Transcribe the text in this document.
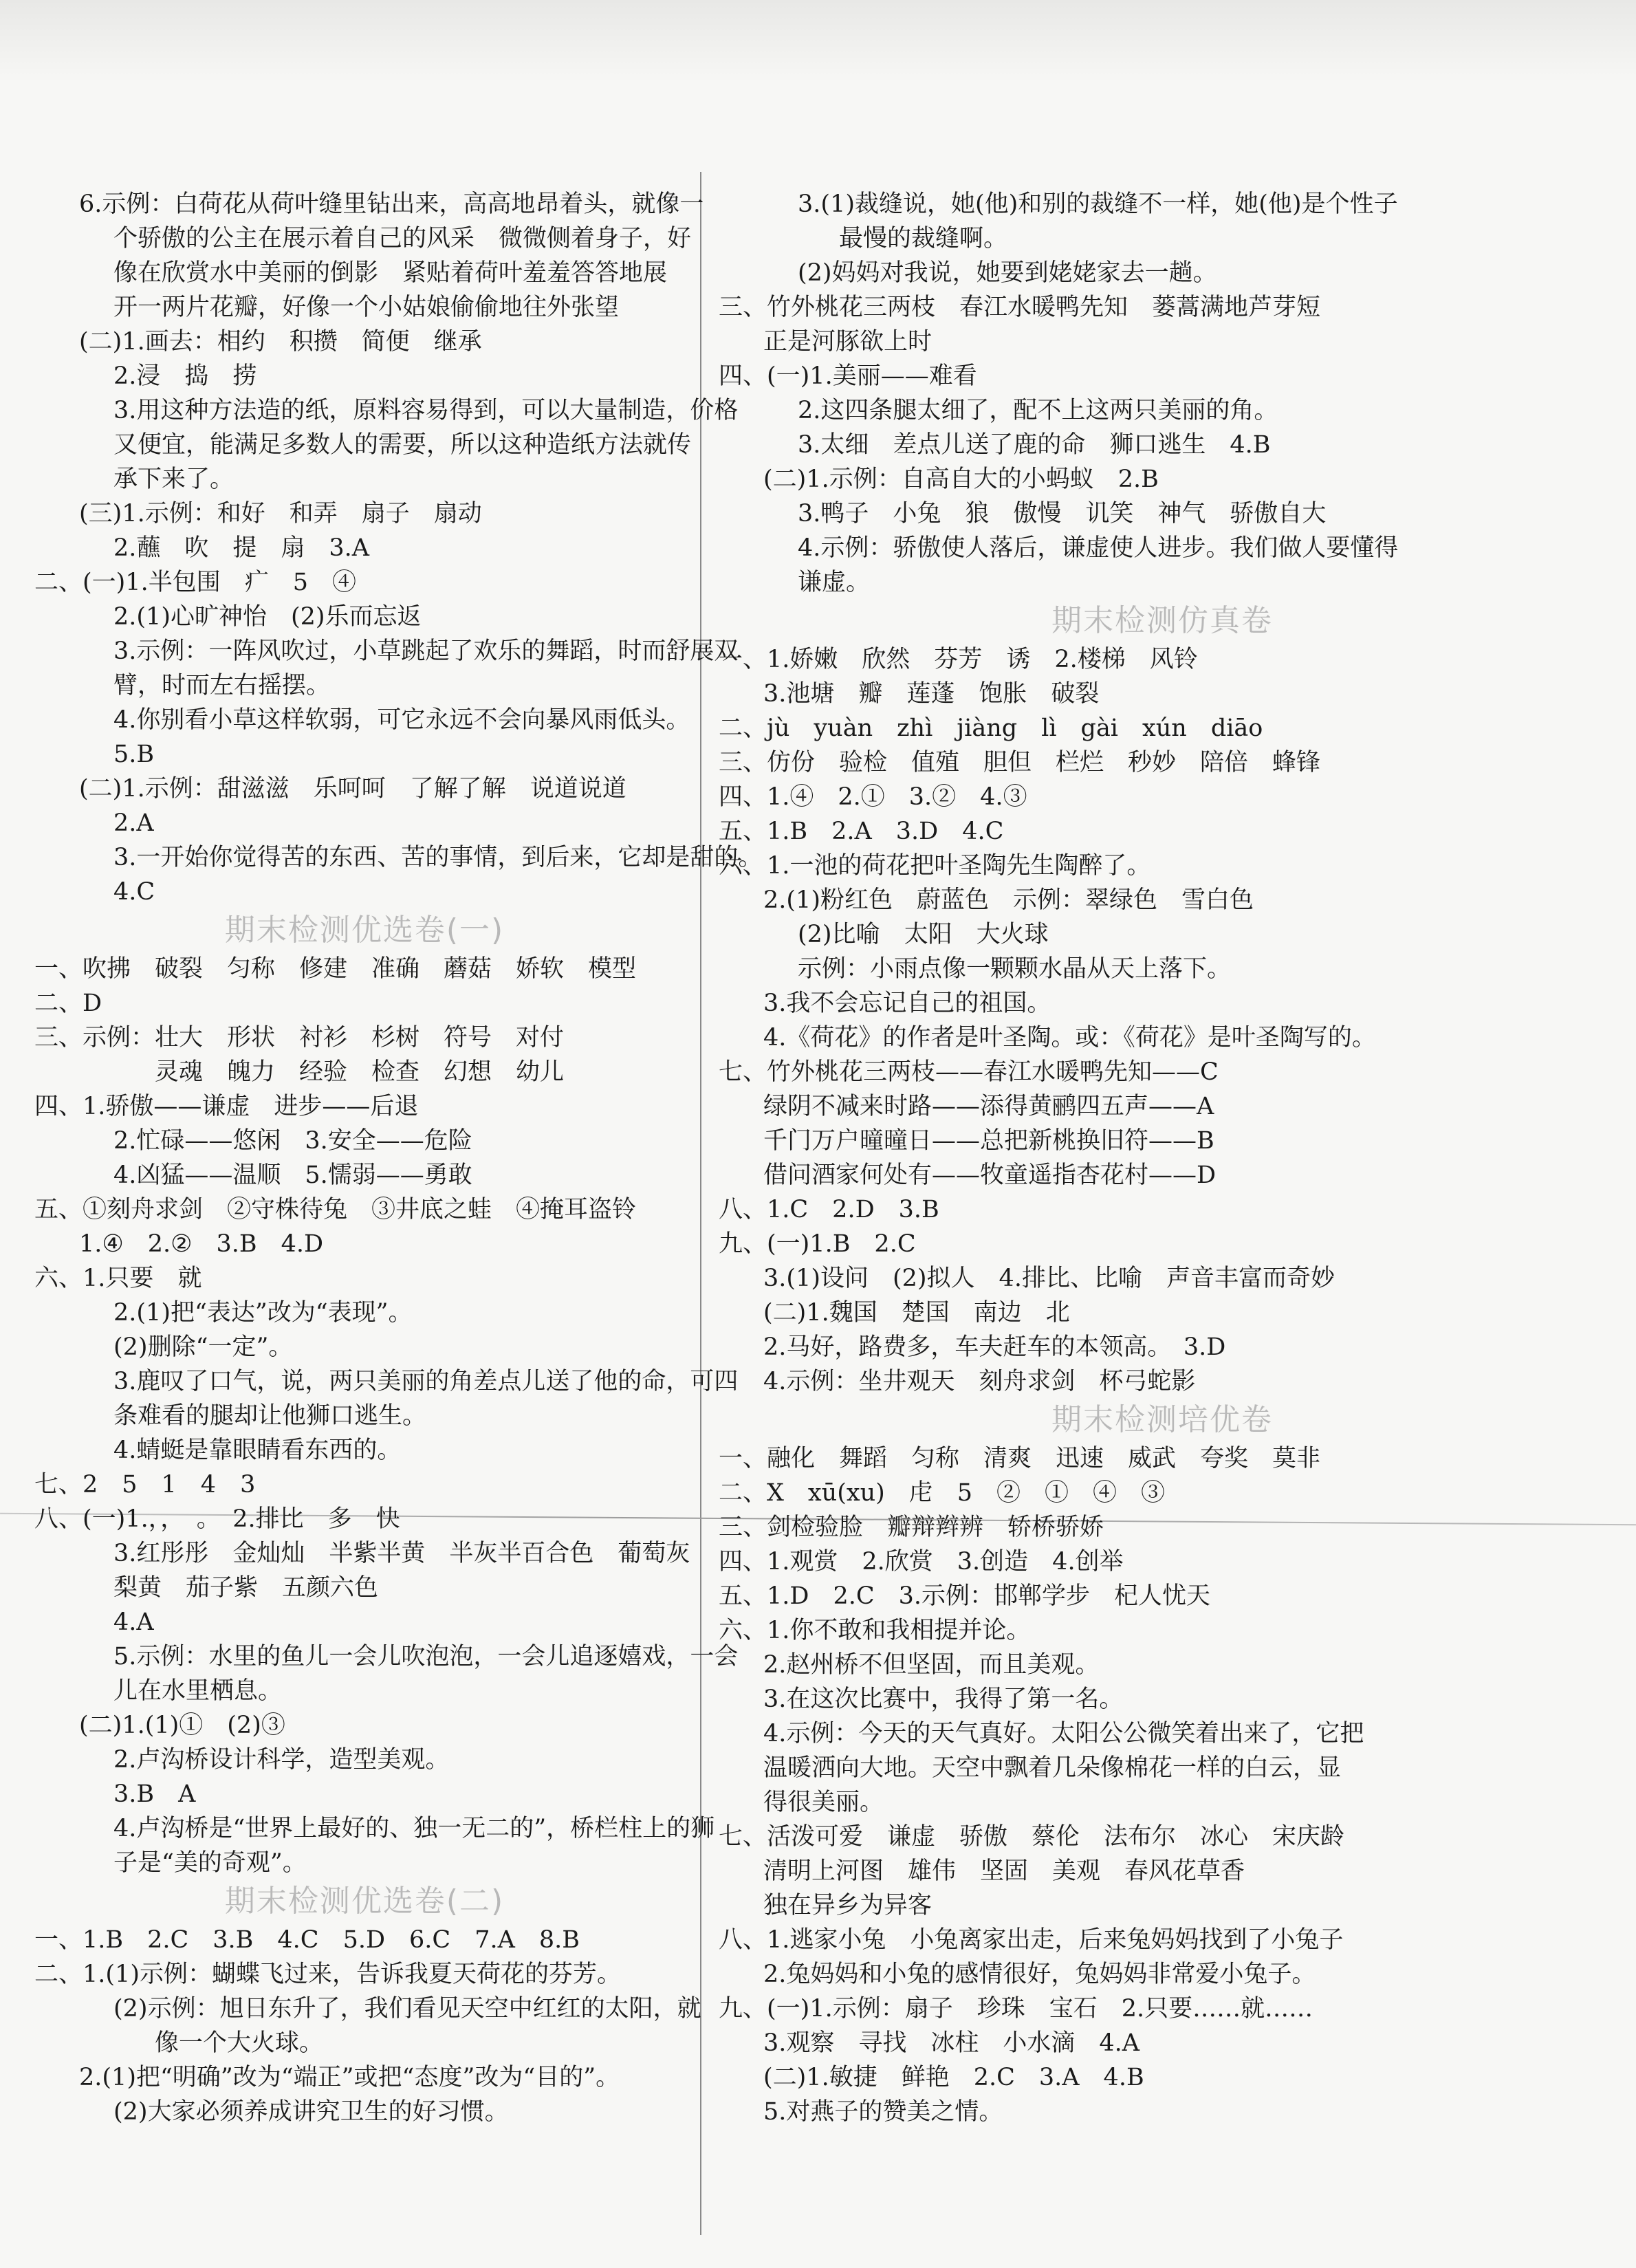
6.示例：白荷花从荷叶缝里钻出来，高高地昂着头，就像一
个骄傲的公主在展示着自己的风采　微微侧着身子，好
像在欣赏水中美丽的倒影　紧贴着荷叶羞羞答答地展
开一两片花瓣，好像一个小姑娘偷偷地往外张望
(二)1.画去：相约　积攒　简便　继承
2.浸　捣　捞
3.用这种方法造的纸，原料容易得到，可以大量制造，价格
又便宜，能满足多数人的需要，所以这种造纸方法就传
承下来了。
(三)1.示例：和好　和弄　扇子　扇动
2.蘸　吹　提　扇　3.A
二、(一)1.半包围　疒　5　④
2.(1)心旷神怡　(2)乐而忘返
3.示例：一阵风吹过，小草跳起了欢乐的舞蹈，时而舒展双
臂，时而左右摇摆。
4.你别看小草这样软弱，可它永远不会向暴风雨低头。
5.B
(二)1.示例：甜滋滋　乐呵呵　了解了解　说道说道
2.A
3.一开始你觉得苦的东西、苦的事情，到后来，它却是甜的。
4.C
期末检测优选卷(一)
一、吹拂　破裂　匀称　修建　准确　蘑菇　娇软　模型
二、D
三、示例：壮大　形状　衬衫　杉树　符号　对付
灵魂　魄力　经验　检查　幻想　幼儿
四、1.骄傲——谦虚　进步——后退
2.忙碌——悠闲　3.安全——危险
4.凶猛——温顺　5.懦弱——勇敢
五、①刻舟求剑　②守株待兔　③井底之蛙　④掩耳盗铃
1.④　2.②　3.B　4.D
六、1.只要　就
2.(1)把“表达”改为“表现”。
(2)删除“一定”。
3.鹿叹了口气，说，两只美丽的角差点儿送了他的命，可四
条难看的腿却让他狮口逃生。
4.蜻蜓是靠眼睛看东西的。
七、2　5　1　4　3
八、(一)1.，，　。　2.排比　多　快
3.红彤彤　金灿灿　半紫半黄　半灰半百合色　葡萄灰
梨黄　茄子紫　五颜六色
4.A
5.示例：水里的鱼儿一会儿吹泡泡，一会儿追逐嬉戏，一会
儿在水里栖息。
(二)1.(1)①　(2)③
2.卢沟桥设计科学，造型美观。
3.B　A
4.卢沟桥是“世界上最好的、独一无二的”，桥栏柱上的狮
子是“美的奇观”。
期末检测优选卷(二)
一、1.B　2.C　3.B　4.C　5.D　6.C　7.A　8.B
二、1.(1)示例：蝴蝶飞过来，告诉我夏天荷花的芬芳。
(2)示例：旭日东升了，我们看见天空中红红的太阳，就
像一个大火球。
2.(1)把“明确”改为“端正”或把“态度”改为“目的”。
(2)大家必须养成讲究卫生的好习惯。
3.(1)裁缝说，她(他)和别的裁缝不一样，她(他)是个性子
最慢的裁缝啊。
(2)妈妈对我说，她要到姥姥家去一趟。
三、竹外桃花三两枝　春江水暖鸭先知　蒌蒿满地芦芽短
正是河豚欲上时
四、(一)1.美丽——难看
2.这四条腿太细了，配不上这两只美丽的角。
3.太细　差点儿送了鹿的命　狮口逃生　4.B
(二)1.示例：自高自大的小蚂蚁　2.B
3.鸭子　小兔　狼　傲慢　讥笑　神气　骄傲自大
4.示例：骄傲使人落后，谦虚使人进步。我们做人要懂得
谦虚。
期末检测仿真卷
一、1.娇嫩　欣然　芬芳　诱　2.楼梯　风铃
3.池塘　瓣　莲蓬　饱胀　破裂
二、jù　yuàn　zhì　jiàng　lì　gài　xún　diāo
三、仿份　验检　值殖　胆但　栏烂　秒妙　陪倍　蜂锋
四、1.④　2.①　3.②　4.③
五、1.B　2.A　3.D　4.C
六、1.一池的荷花把叶圣陶先生陶醉了。
2.(1)粉红色　蔚蓝色　示例：翠绿色　雪白色
(2)比喻　太阳　大火球
示例：小雨点像一颗颗水晶从天上落下。
3.我不会忘记自己的祖国。
4.《荷花》的作者是叶圣陶。或：《荷花》是叶圣陶写的。
七、竹外桃花三两枝——春江水暖鸭先知——C
绿阴不减来时路——添得黄鹂四五声——A
千门万户曈曈日——总把新桃换旧符——B
借问酒家何处有——牧童遥指杏花村——D
八、1.C　2.D　3.B
九、(一)1.B　2.C
3.(1)设问　(2)拟人　4.排比、比喻　声音丰富而奇妙
(二)1.魏国　楚国　南边　北
2.马好，路费多，车夫赶车的本领高。　3.D
4.示例：坐井观天　刻舟求剑　杯弓蛇影
期末检测培优卷
一、融化　舞蹈　匀称　清爽　迅速　威武　夸奖　莫非
二、X　xū(xu)　虍　5　②　①　④　③
三、剑检验脸　瓣辩辫辨　轿桥骄娇
四、1.观赏　2.欣赏　3.创造　4.创举
五、1.D　2.C　3.示例：邯郸学步　杞人忧天
六、1.你不敢和我相提并论。
2.赵州桥不但坚固，而且美观。
3.在这次比赛中，我得了第一名。
4.示例：今天的天气真好。太阳公公微笑着出来了，它把
温暖洒向大地。天空中飘着几朵像棉花一样的白云，显
得很美丽。
七、活泼可爱　谦虚　骄傲　蔡伦　法布尔　冰心　宋庆龄
清明上河图　雄伟　坚固　美观　春风花草香
独在异乡为异客
八、1.逃家小兔　小兔离家出走，后来兔妈妈找到了小兔子
2.兔妈妈和小兔的感情很好，兔妈妈非常爱小兔子。
九、(一)1.示例：扇子　珍珠　宝石　2.只要……就……
3.观察　寻找　冰柱　小水滴　4.A
(二)1.敏捷　鲜艳　2.C　3.A　4.B
5.对燕子的赞美之情。
